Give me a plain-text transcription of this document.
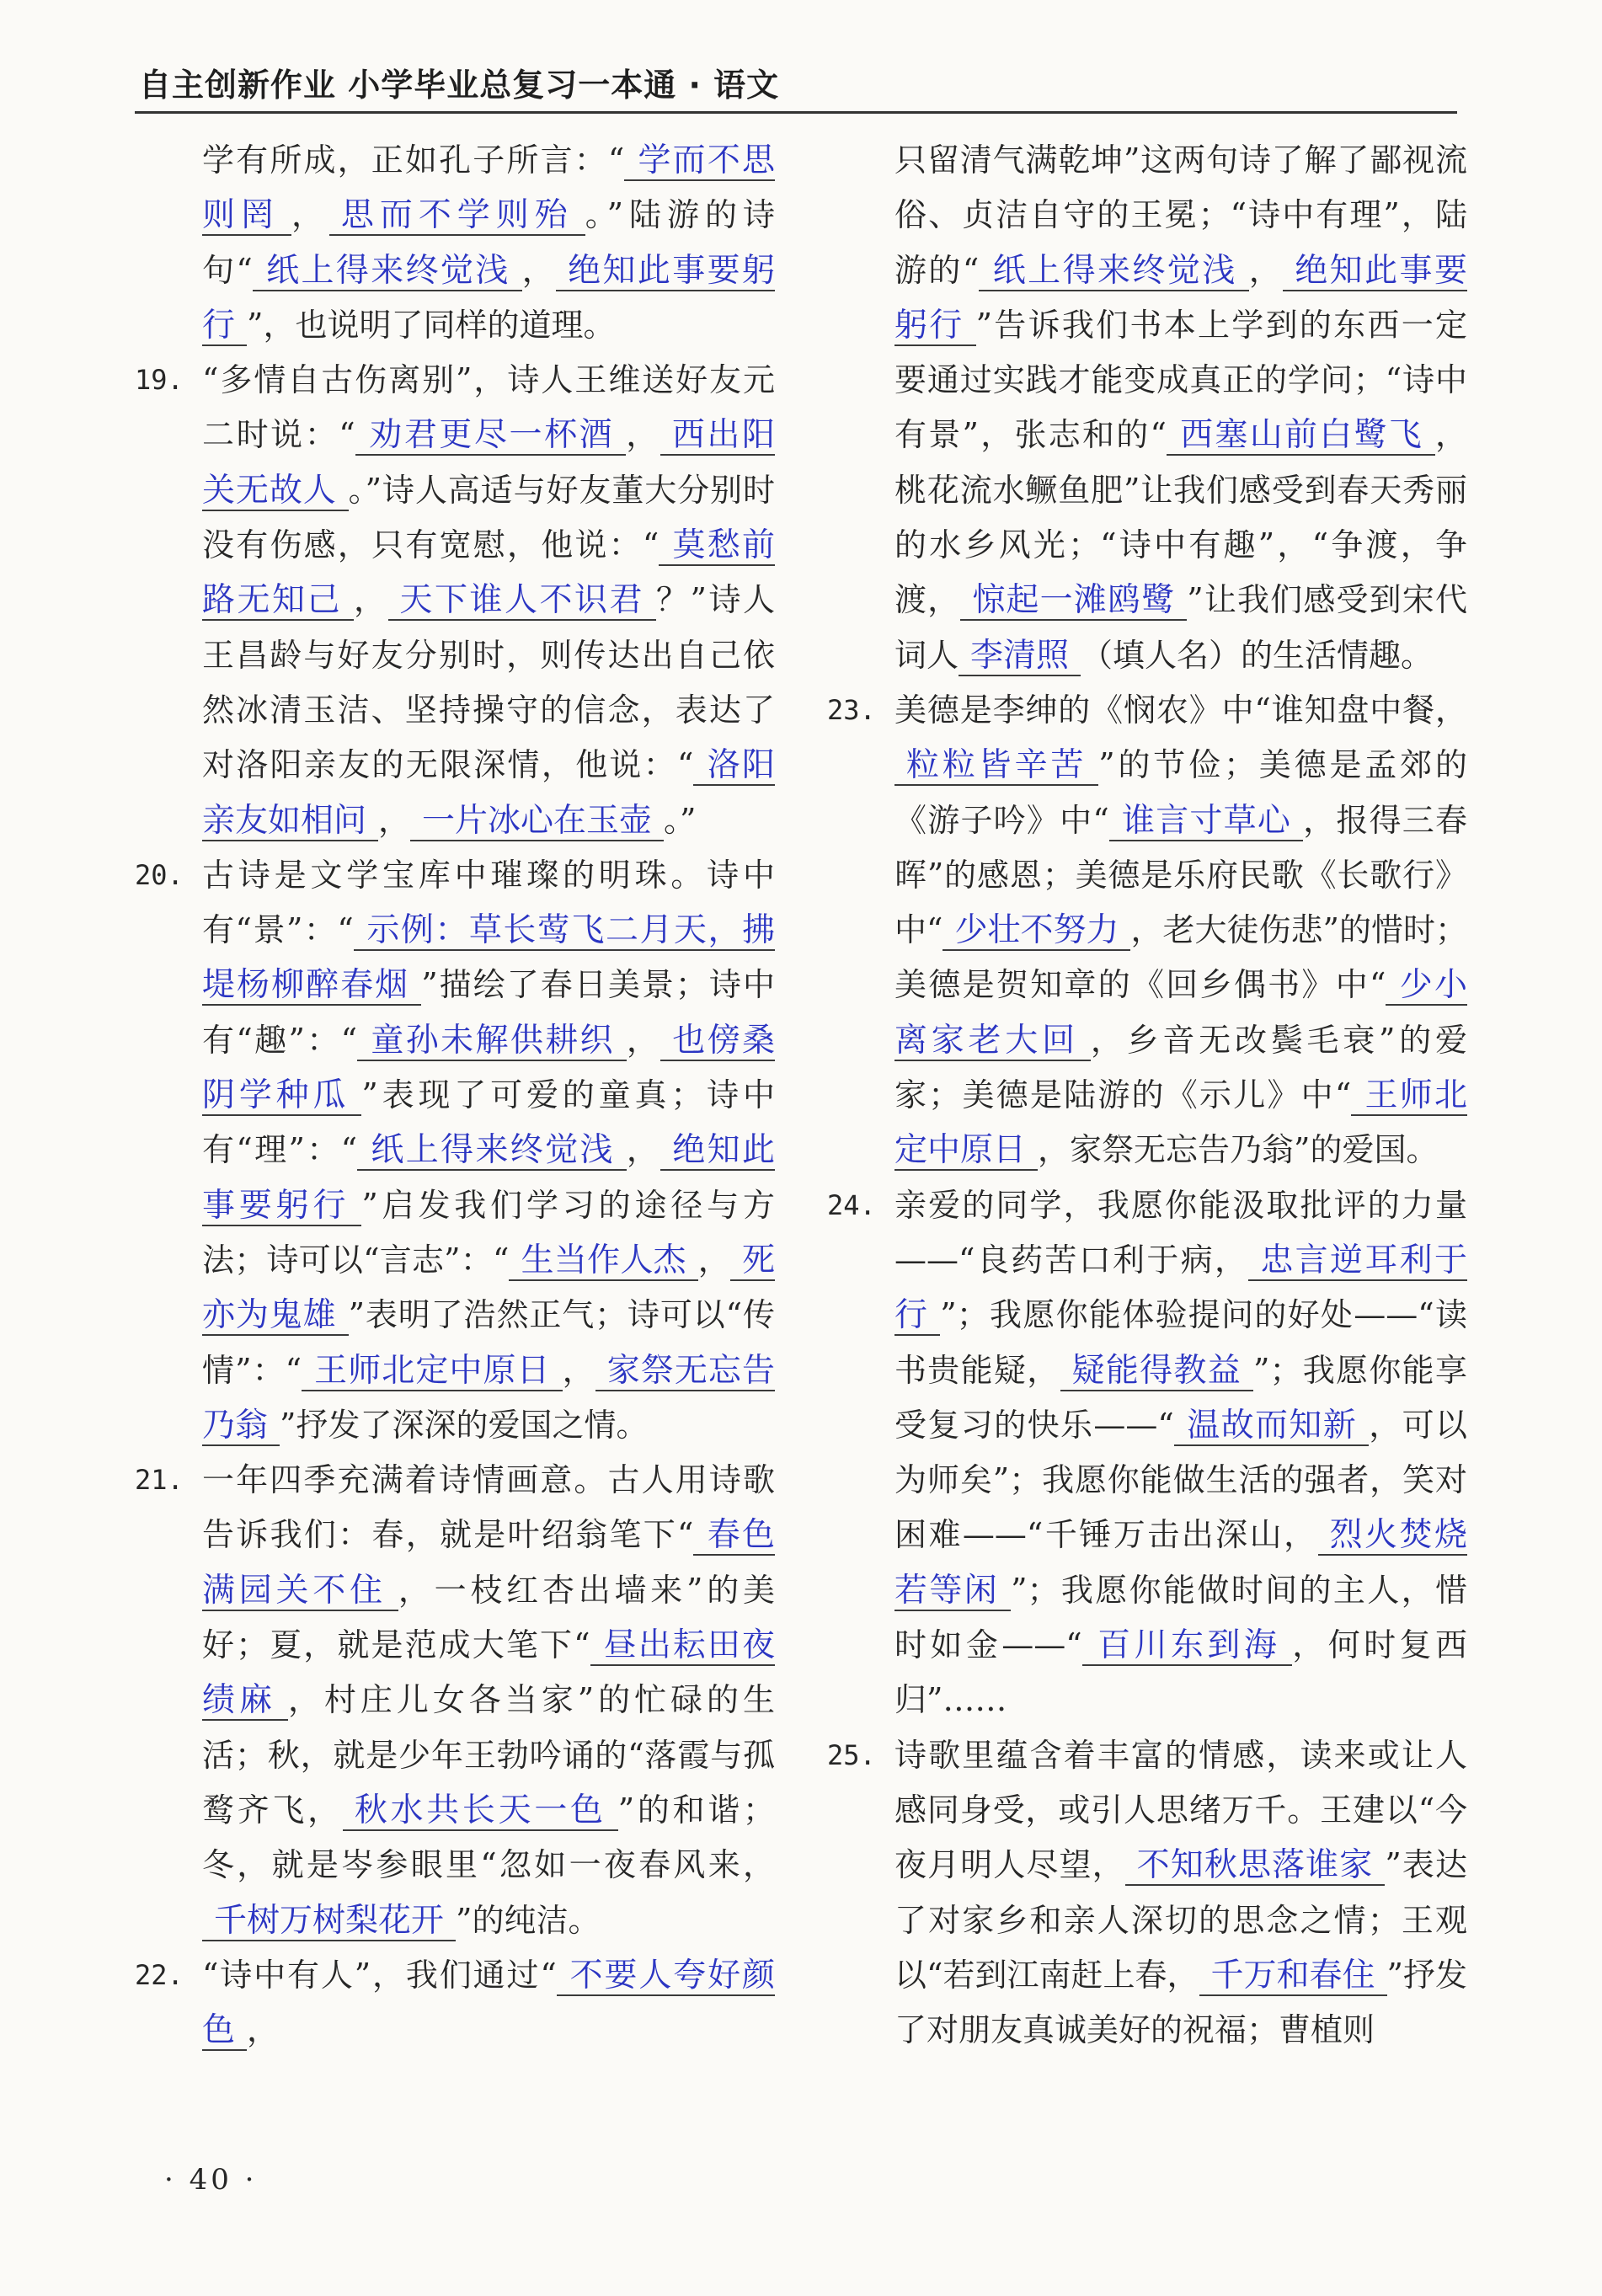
自主创新作业 小学毕业总复习一本通 · 语文
学有所成，正如孔子所言：“ 学而不思则罔 ， 思而不学则殆 。”陆游的诗句“ 纸上得来终觉浅 ， 绝知此事要躬行 ”，也说明了同样的道理。
19. “多情自古伤离别”，诗人王维送好友元二时说：“ 劝君更尽一杯酒 ， 西出阳关无故人 。”诗人高适与好友董大分别时没有伤感，只有宽慰，他说：“ 莫愁前路无知己 ， 天下谁人不识君 ？”诗人王昌龄与好友分别时，则传达出自己依然冰清玉洁、坚持操守的信念，表达了对洛阳亲友的无限深情，他说：“ 洛阳亲友如相问 ， 一片冰心在玉壶 。”
20. 古诗是文学宝库中璀璨的明珠。诗中有“景”：“ 示例：草长莺飞二月天，拂堤杨柳醉春烟 ”描绘了春日美景；诗中有“趣”：“ 童孙未解供耕织 ， 也傍桑阴学种瓜 ”表现了可爱的童真；诗中有“理”：“ 纸上得来终觉浅 ， 绝知此事要躬行 ”启发我们学习的途径与方法；诗可以“言志”：“ 生当作人杰 ， 死亦为鬼雄 ”表明了浩然正气；诗可以“传情”：“ 王师北定中原日 ， 家祭无忘告乃翁 ”抒发了深深的爱国之情。
21. 一年四季充满着诗情画意。古人用诗歌告诉我们：春，就是叶绍翁笔下“ 春色满园关不住 ，一枝红杏出墙来”的美好；夏，就是范成大笔下“ 昼出耘田夜绩麻 ，村庄儿女各当家”的忙碌的生活；秋，就是少年王勃吟诵的“落霞与孤鹜齐飞， 秋水共长天一色 ”的和谐；冬，就是岑参眼里“忽如一夜春风来，千树万树梨花开 ”的纯洁。
22. “诗中有人”，我们通过“ 不要人夸好颜色 ，
只留清气满乾坤”这两句诗了解了鄙视流俗、贞洁自守的王冕；“诗中有理”，陆游的“ 纸上得来终觉浅 ， 绝知此事要躬行 ”告诉我们书本上学到的东西一定要通过实践才能变成真正的学问；“诗中有景”，张志和的“ 西塞山前白鹭飞 ，桃花流水鳜鱼肥”让我们感受到春天秀丽的水乡风光；“诗中有趣”，“争渡，争渡， 惊起一滩鸥鹭 ”让我们感受到宋代词人 李清照 （填人名）的生活情趣。
23. 美德是李绅的《悯农》中“谁知盘中餐，粒粒皆辛苦 ”的节俭；美德是孟郊的《游子吟》中“ 谁言寸草心 ，报得三春晖”的感恩；美德是乐府民歌《长歌行》中“ 少壮不努力 ，老大徒伤悲”的惜时；美德是贺知章的《回乡偶书》中“ 少小离家老大回 ，乡音无改鬓毛衰”的爱家；美德是陆游的《示儿》中“ 王师北定中原日 ，家祭无忘告乃翁”的爱国。
24. 亲爱的同学，我愿你能汲取批评的力量——“良药苦口利于病， 忠言逆耳利于行 ”；我愿你能体验提问的好处——“读书贵能疑， 疑能得教益 ”；我愿你能享受复习的快乐——“ 温故而知新 ，可以为师矣”；我愿你能做生活的强者，笑对困难——“千锤万击出深山， 烈火焚烧若等闲 ”；我愿你能做时间的主人，惜时如金——“ 百川东到海 ，何时复西归”……
25. 诗歌里蕴含着丰富的情感，读来或让人感同身受，或引人思绪万千。王建以“今夜月明人尽望， 不知秋思落谁家 ”表达了对家乡和亲人深切的思念之情；王观以“若到江南赶上春， 千万和春住 ”抒发了对朋友真诚美好的祝福；曹植则
· 40 ·
